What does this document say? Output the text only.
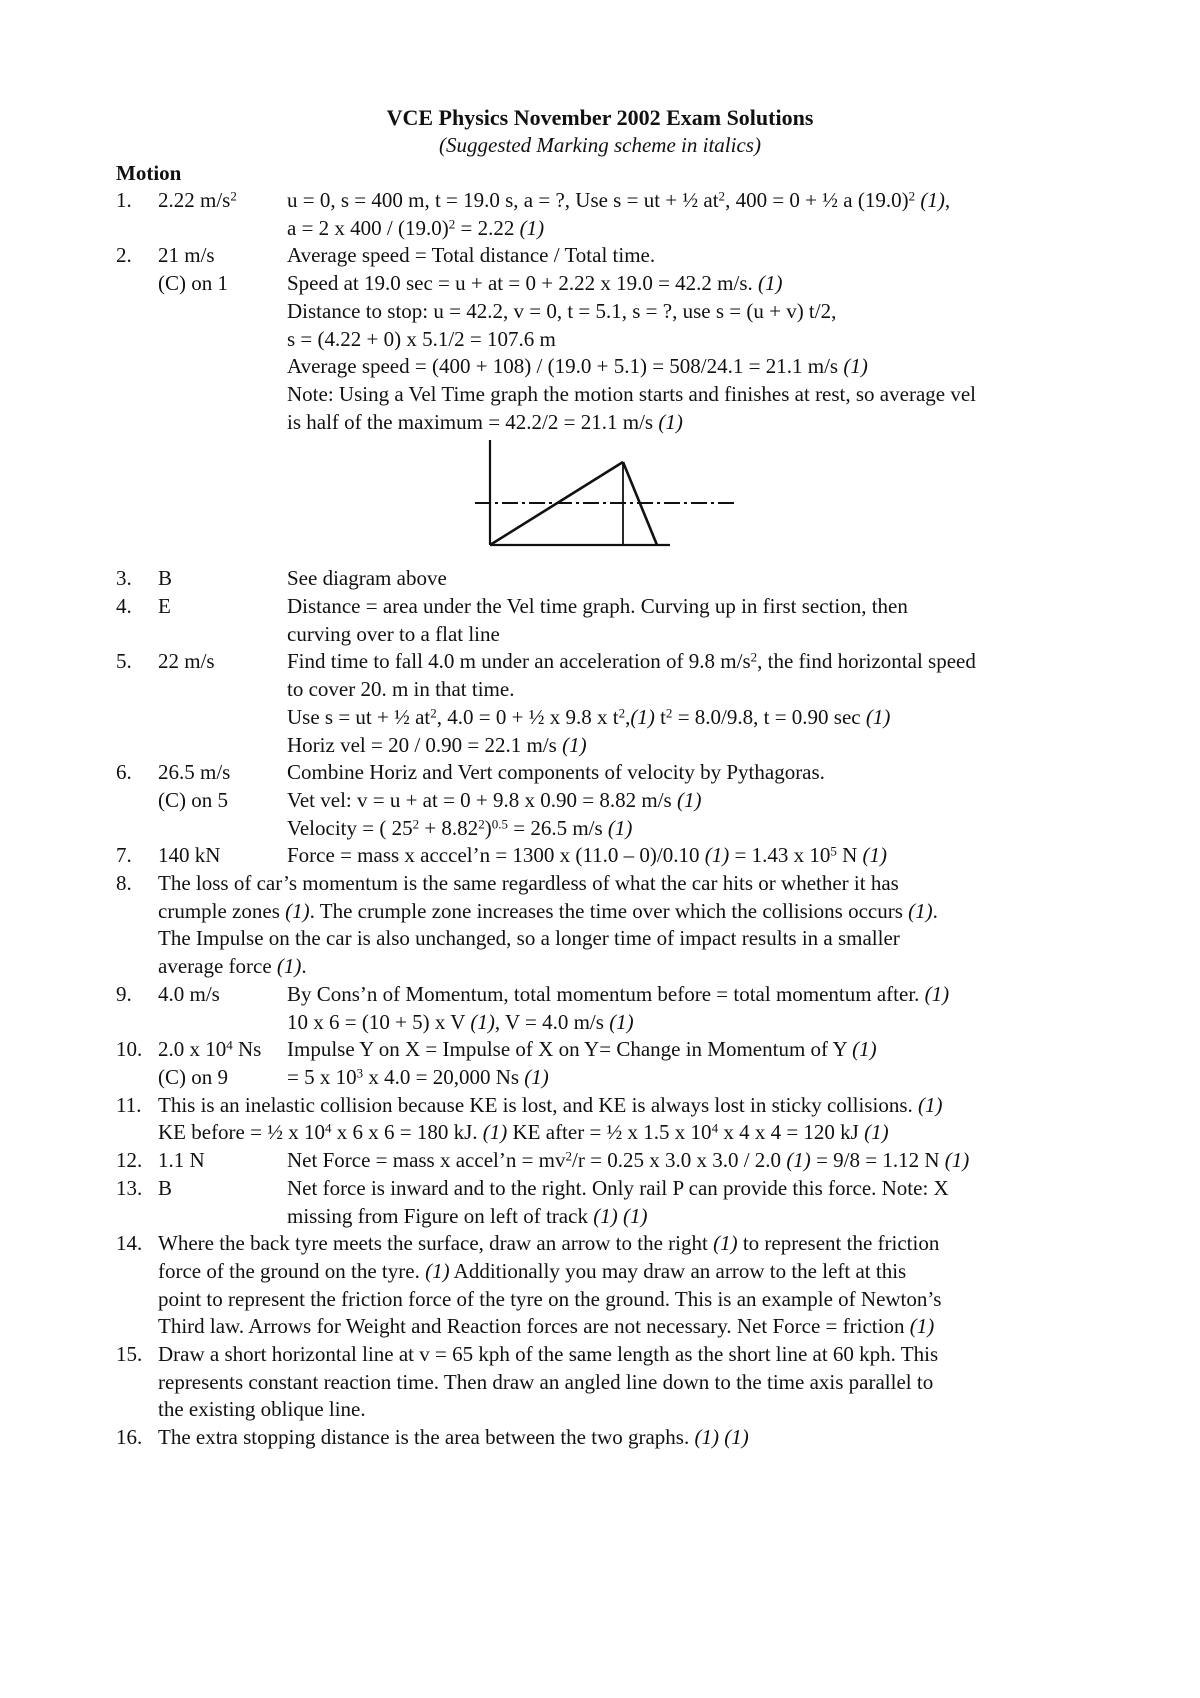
VCE Physics November 2002 Exam Solutions
(Suggested Marking scheme in italics)
Motion
1.	2.22 $m/s^2$	u = 0, s = 400 m, t = 19.0 s, a = ?, Use s = ut + ½ $at^2$, 400 = 0 + ½ a $(19.0)^2$ (1),
a = 2 x $400 / (19.0)^2 = 2.22$ (1)
2.	21 m/s	Average speed = Total distance / Total time.
(C) on 1	Speed at 19.0 sec = u + at = 0 + 2.22 x 19.0 = 42.2 m/s. (1)
Distance to stop: u = 42.2, v = 0, t = 5.1, s = ?, use s = (u + v) t/2,
s = (4.22 + 0) x 5.1/2 = 107.6 m
Average speed = (400 + 108) / (19.0 + 5.1) = 508/24.1 = 21.1 m/s (1)
Note: Using a Vel Time graph the motion starts and finishes at rest, so average vel
is half of the maximum = 42.2/2 = 21.1 m/s (1)
3.	B	See diagram above
4.	E	Distance = area under the Vel time graph. Curving up in first section, then
curving over to a flat line
5.	22 m/s	Find time to fall 4.0 m under an acceleration of 9.8 $m/s^2$, the find horizontal speed
to cover 20. m in that time.
Use s = ut + ½ $at^2$, 4.0 = 0 + ½ x 9.8 x $t^2,(1) t^2 = 8.0/9.8$, t = 0.90 sec (1)
Horiz vel = 20 / 0.90 = 22.1 m/s (1)
6.	26.5 m/s	Combine Horiz and Vert components of velocity by Pythagoras.
(C) on 5	Vet vel: v = u + at = 0 + 9.8 x 0.90 = 8.82 m/s (1)
Velocity = ( $25^2 + 8.82^2)^{0.5} = 26.5$ m/s (1)
7.	140 kN	Force = mass x acccel’n = 1300 x (11.0 – 0)/0.10 (1) = 1.43 x $10^5$ N (1)
8.	The loss of car’s momentum is the same regardless of what the car hits or whether it has
crumple zones (1). The crumple zone increases the time over which the collisions occurs (1).
The Impulse on the car is also unchanged, so a longer time of impact results in a smaller
average force (1).
9.	4.0 m/s	By Cons’n of Momentum, total momentum before = total momentum after. (1)
10 x 6 = (10 + 5) x V (1), V = 4.0 m/s (1)
10. 2.0 x $10^4$ Ns	Impulse Y on X = Impulse of X on Y= Change in Momentum of Y (1)
(C) on 9	= 5 x $10^3$ x 4.0 = 20,000 Ns (1)
11. This is an inelastic collision because KE is lost, and KE is always lost in sticky collisions. (1)
KE before = ½ x $10^4$ x 6 x 6 = 180 kJ. (1) KE after = ½ x 1.5 x $10^4$ x 4 x 4 = 120 kJ (1)
12. 1.1 N	Net Force = mass x accel’n = $mv^2/r = 0.25$ x 3.0 x 3.0 / 2.0 (1) = 9/8 = 1.12 N (1)
13. B	Net force is inward and to the right. Only rail P can provide this force. Note: X
missing from Figure on left of track (1) (1)
14. Where the back tyre meets the surface, draw an arrow to the right (1) to represent the friction
force of the ground on the tyre. (1) Additionally you may draw an arrow to the left at this
point to represent the friction force of the tyre on the ground. This is an example of Newton’s
Third law. Arrows for Weight and Reaction forces are not necessary. Net Force = friction (1)
15. Draw a short horizontal line at v = 65 kph of the same length as the short line at 60 kph. This
represents constant reaction time. Then draw an angled line down to the time axis parallel to
the existing oblique line.
16. The extra stopping distance is the area between the two graphs. (1) (1)
